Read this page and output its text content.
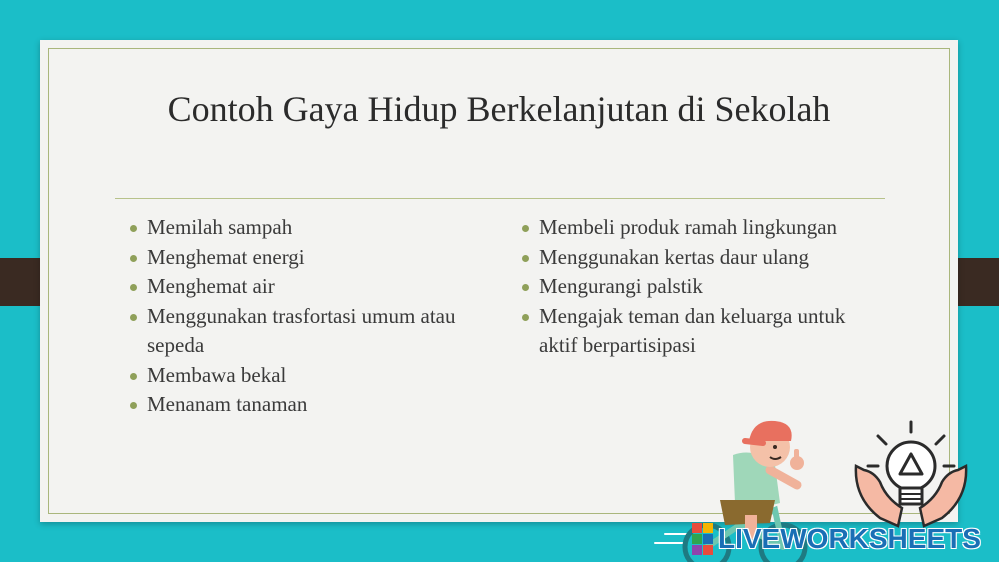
Contoh Gaya Hidup Berkelanjutan di Sekolah
Memilah sampah
Menghemat energi
Menghemat air
Menggunakan trasfortasi umum atau sepeda
Membawa bekal
Menanam tanaman
Membeli produk ramah lingkungan
Menggunakan kertas daur ulang
Mengurangi palstik
Mengajak teman dan keluarga untuk aktif berpartisipasi
LIVEWORKSHEETS
